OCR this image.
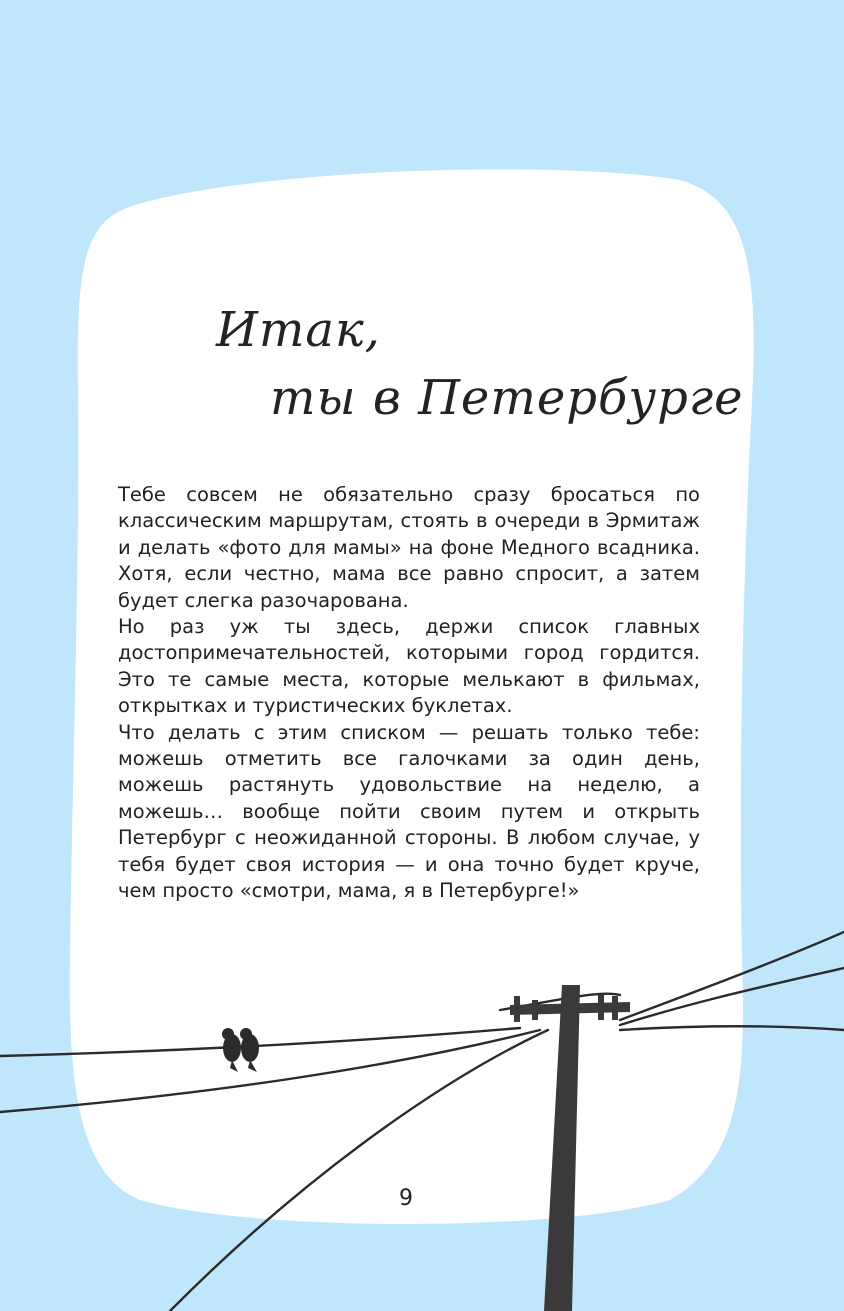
Итак,
ты в Петербурге

Тебе совсем не обязательно сразу бросаться по классическим маршрутам, стоять в очереди в Эрмитаж и делать «фото для мамы» на фоне Медного всадника. Хотя, если честно, мама все равно спросит, а затем будет слегка разочарована.

Но раз уж ты здесь, держи список главных достопримечательностей, которыми город гордится. Это те самые места, которые мелькают в фильмах, открытках и туристических буклетах.

Что делать с этим списком — решать только тебе: можешь отметить все галочками за один день, можешь растянуть удовольствие на неделю, а можешь… вообще пойти своим путем и открыть Петербург с неожиданной стороны. В любом случае, у тебя будет своя история — и она точно будет круче, чем просто «смотри, мама, я в Петербурге!»

9
